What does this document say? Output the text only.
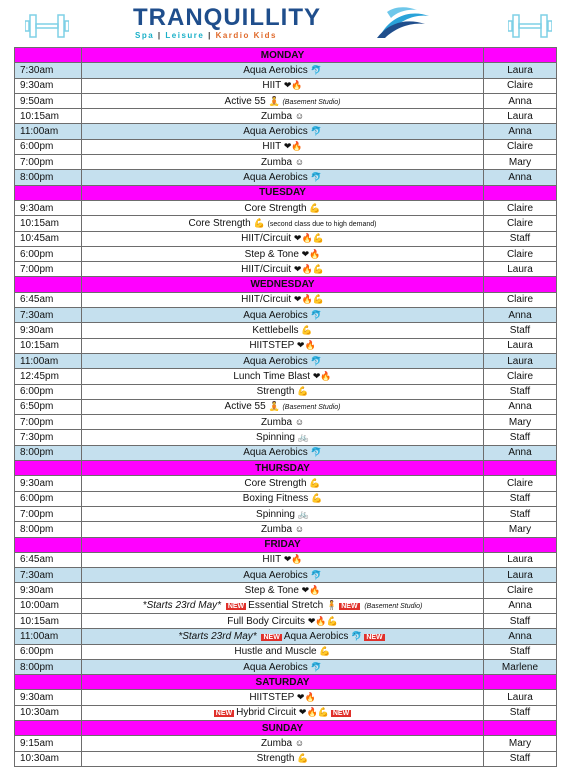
TRANQUILLITY
Spa | Leisure | Kardio Kids
	MONDAY	
7:30am	Aqua Aerobics 🐬	Laura
9:30am	HIIT ❤🔥	Claire
9:50am	Active 55 🧘 (Basement Studio)	Anna
10:15am	Zumba ☺	Laura
11:00am	Aqua Aerobics 🐬	Anna
6:00pm	HIIT ❤🔥	Claire
7:00pm	Zumba ☺	Mary
8:00pm	Aqua Aerobics 🐬	Anna
	TUESDAY	
9:30am	Core Strength 💪	Claire
10:15am	Core Strength 💪 (second class due to high demand)	Claire
10:45am	HIIT/Circuit ❤🔥💪	Staff
6:00pm	Step & Tone ❤🔥	Claire
7:00pm	HIIT/Circuit ❤🔥💪	Laura
	WEDNESDAY	
6:45am	HIIT/Circuit ❤🔥💪	Claire
7:30am	Aqua Aerobics 🐬	Anna
9:30am	Kettlebells 💪	Staff
10:15am	HIITSTEP ❤🔥	Laura
11:00am	Aqua Aerobics 🐬	Laura
12:45pm	Lunch Time Blast ❤🔥	Claire
6:00pm	Strength 💪	Staff
6:50pm	Active 55 🧘 (Basement Studio)	Anna
7:00pm	Zumba ☺	Mary
7:30pm	Spinning 🚲	Staff
8:00pm	Aqua Aerobics 🐬	Anna
	THURSDAY	
9:30am	Core Strength 💪	Claire
6:00pm	Boxing Fitness 💪	Staff
7:00pm	Spinning 🚲	Staff
8:00pm	Zumba ☺	Mary
	FRIDAY	
6:45am	HIIT ❤🔥	Laura
7:30am	Aqua Aerobics 🐬	Laura
9:30am	Step & Tone ❤🔥	Claire
10:00am	*Starts 23rd May* NEW Essential Stretch 🧍 NEW (Basement Studio)	Anna
10:15am	Full Body Circuits ❤🔥💪	Staff
11:00am	*Starts 23rd May* NEW Aqua Aerobics 🐬 NEW	Anna
6:00pm	Hustle and Muscle 💪	Staff
8:00pm	Aqua Aerobics 🐬	Marlene
	SATURDAY	
9:30am	HIITSTEP ❤🔥	Laura
10:30am	NEW Hybrid Circuit ❤🔥💪 NEW	Staff
	SUNDAY	
9:15am	Zumba ☺	Mary
10:30am	Strength 💪	Staff
